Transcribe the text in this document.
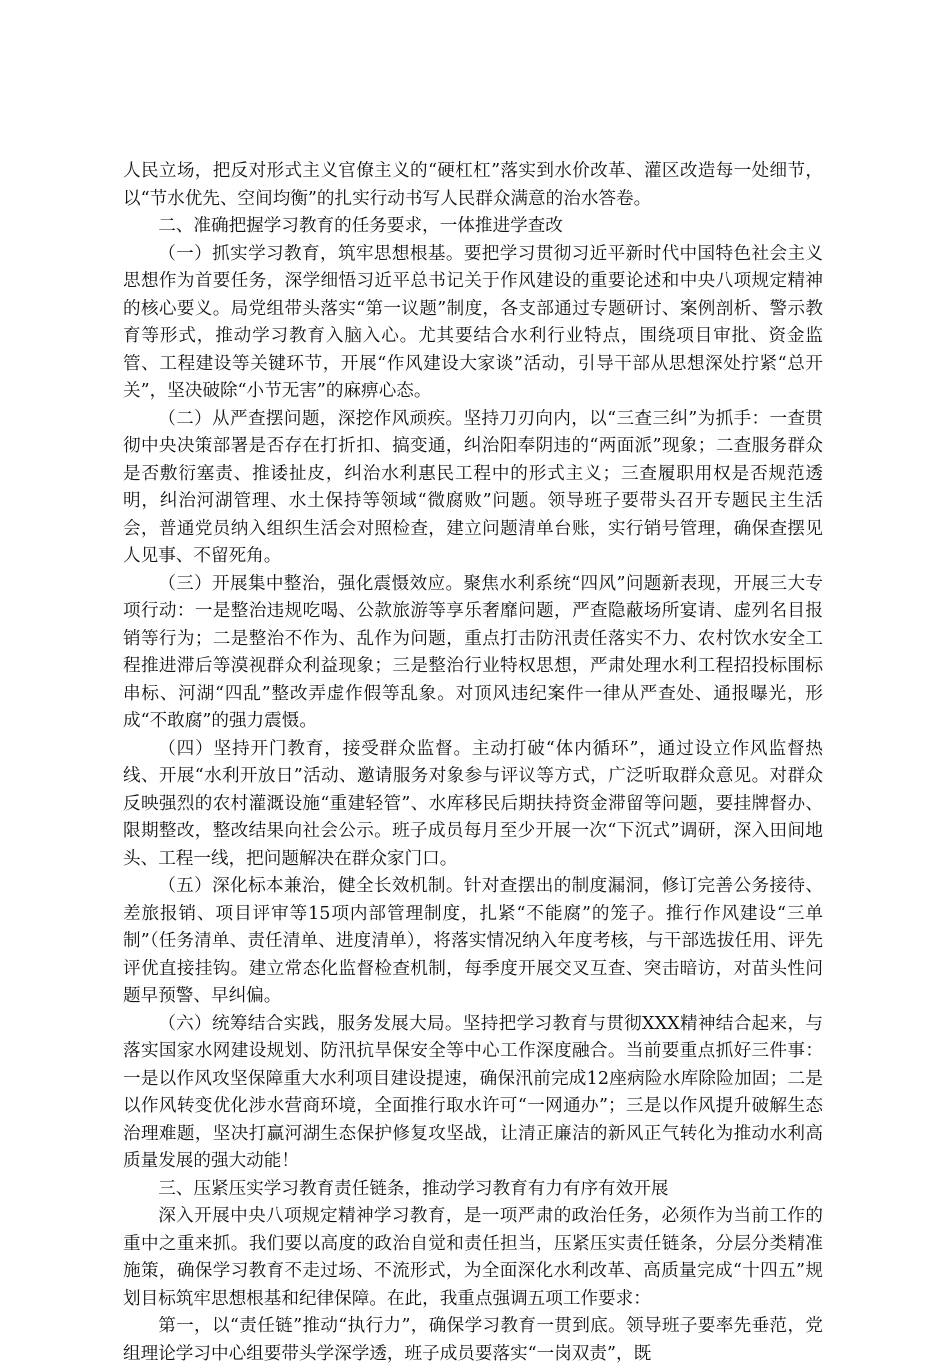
人民立场，把反对形式主义官僚主义的“硬杠杠”落实到水价改革、灌区改造每一处细节，以“节水优先、空间均衡”的扎实行动书写人民群众满意的治水答卷。

二、准确把握学习教育的任务要求，一体推进学查改

（一）抓实学习教育，筑牢思想根基。要把学习贯彻习近平新时代中国特色社会主义思想作为首要任务，深学细悟习近平总书记关于作风建设的重要论述和中央八项规定精神的核心要义。局党组带头落实“第一议题”制度，各支部通过专题研讨、案例剖析、警示教育等形式，推动学习教育入脑入心。尤其要结合水利行业特点，围绕项目审批、资金监管、工程建设等关键环节，开展“作风建设大家谈”活动，引导干部从思想深处拧紧“总开关”，坚决破除“小节无害”的麻痹心态。

（二）从严查摆问题，深挖作风顽疾。坚持刀刃向内，以“三查三纠”为抓手：一查贯彻中央决策部署是否存在打折扣、搞变通，纠治阳奉阴违的“两面派”现象；二查服务群众是否敷衍塞责、推诿扯皮，纠治水利惠民工程中的形式主义；三查履职用权是否规范透明，纠治河湖管理、水土保持等领域“微腐败”问题。领导班子要带头召开专题民主生活会，普通党员纳入组织生活会对照检查，建立问题清单台账，实行销号管理，确保查摆见人见事、不留死角。

（三）开展集中整治，强化震慑效应。聚焦水利系统“四风”问题新表现，开展三大专项行动：一是整治违规吃喝、公款旅游等享乐奢靡问题，严查隐蔽场所宴请、虚列名目报销等行为；二是整治不作为、乱作为问题，重点打击防汛责任落实不力、农村饮水安全工程推进滞后等漠视群众利益现象；三是整治行业特权思想，严肃处理水利工程招投标围标串标、河湖“四乱”整改弄虚作假等乱象。对顶风违纪案件一律从严查处、通报曝光，形成“不敢腐”的强力震慑。

（四）坚持开门教育，接受群众监督。主动打破“体内循环”，通过设立作风监督热线、开展“水利开放日”活动、邀请服务对象参与评议等方式，广泛听取群众意见。对群众反映强烈的农村灌溉设施“重建轻管”、水库移民后期扶持资金滞留等问题，要挂牌督办、限期整改，整改结果向社会公示。班子成员每月至少开展一次“下沉式”调研，深入田间地头、工程一线，把问题解决在群众家门口。

（五）深化标本兼治，健全长效机制。针对查摆出的制度漏洞，修订完善公务接待、差旅报销、项目评审等15项内部管理制度，扎紧“不能腐”的笼子。推行作风建设“三单制”（任务清单、责任清单、进度清单），将落实情况纳入年度考核，与干部选拔任用、评先评优直接挂钩。建立常态化监督检查机制，每季度开展交叉互查、突击暗访，对苗头性问题早预警、早纠偏。

（六）统筹结合实践，服务发展大局。坚持把学习教育与贯彻XXX精神结合起来，与落实国家水网建设规划、防汛抗旱保安全等中心工作深度融合。当前要重点抓好三件事：一是以作风攻坚保障重大水利项目建设提速，确保汛前完成12座病险水库除险加固；二是以作风转变优化涉水营商环境，全面推行取水许可“一网通办”；三是以作风提升破解生态治理难题，坚决打赢河湖生态保护修复攻坚战，让清正廉洁的新风正气转化为推动水利高质量发展的强大动能！

三、压紧压实学习教育责任链条，推动学习教育有力有序有效开展

深入开展中央八项规定精神学习教育，是一项严肃的政治任务，必须作为当前工作的重中之重来抓。我们要以高度的政治自觉和责任担当，压紧压实责任链条，分层分类精准施策，确保学习教育不走过场、不流形式，为全面深化水利改革、高质量完成“十四五”规划目标筑牢思想根基和纪律保障。在此，我重点强调五项工作要求：

第一，以“责任链”推动“执行力”，确保学习教育一贯到底。领导班子要率先垂范，党组理论学习中心组要带头学深学透，班子成员要落实“一岗双责”，既
